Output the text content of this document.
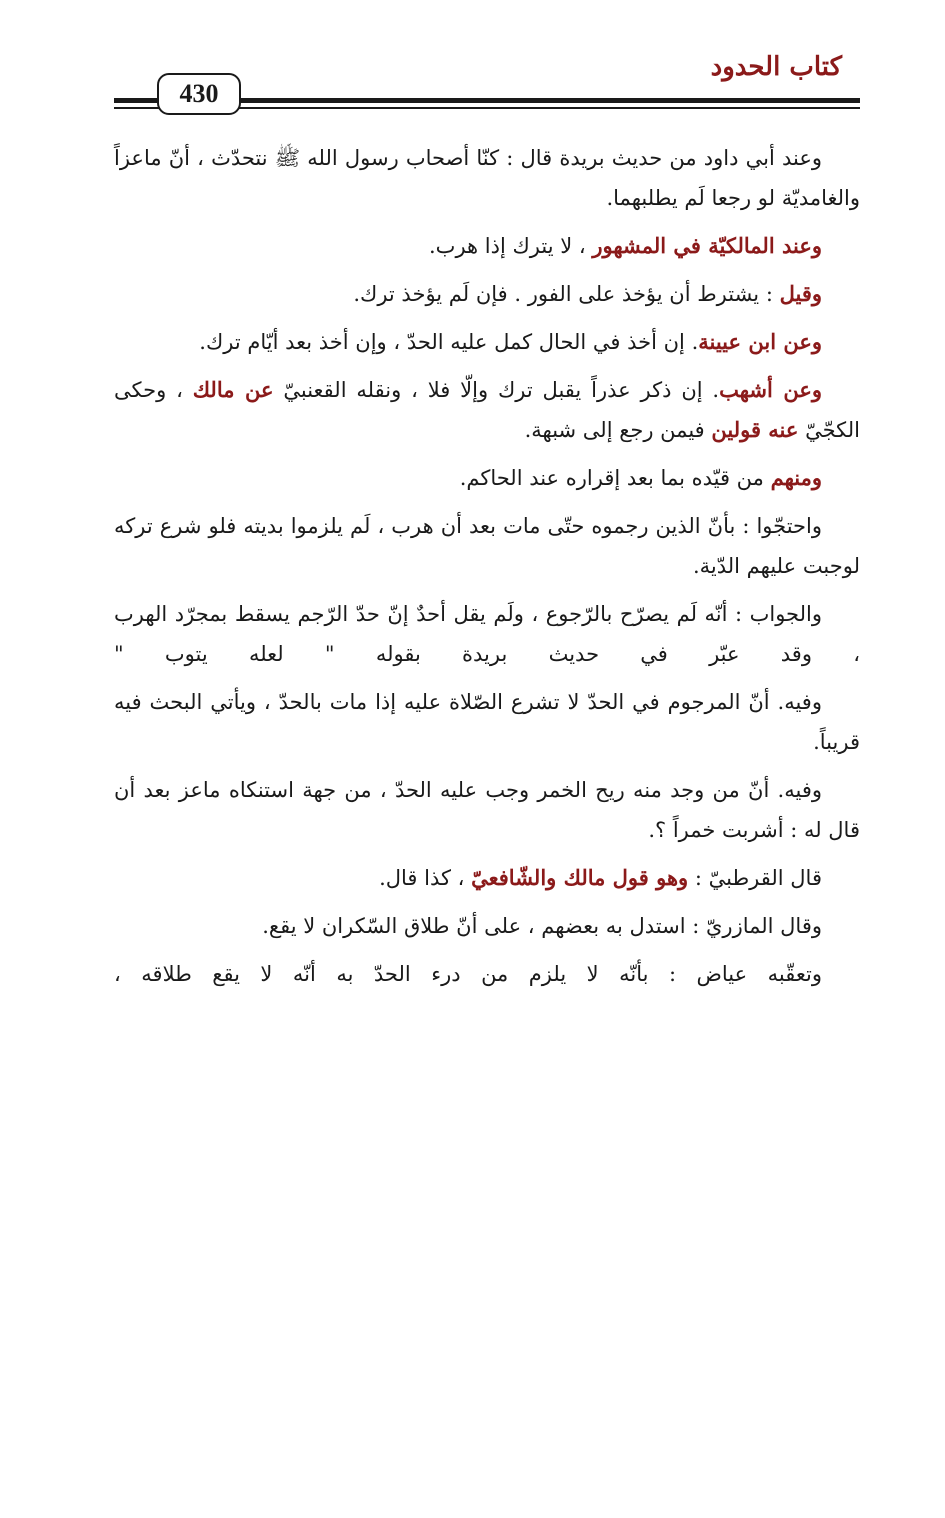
كتاب الحدود
430

وعند أبي داود من حديث بريدة قال : كنّا أصحاب رسول الله ﷺ نتحدّث ، أنّ ماعزاً والغامديّة لو رجعا لَم يطلبهما.

وعند المالكيّة في المشهور ، لا يترك إذا هرب.

وقيل : يشترط أن يؤخذ على الفور . فإن لَم يؤخذ ترك.

وعن ابن عيينة. إن أخذ في الحال كمل عليه الحدّ ، وإن أخذ بعد أيّام ترك.

وعن أشهب. إن ذكر عذراً يقبل ترك وإلّا فلا ، ونقله القعنبيّ عن مالك ، وحكى الكجّيّ عنه قولين فيمن رجع إلى شبهة.

ومنهم من قيّده بما بعد إقراره عند الحاكم.

واحتجّوا : بأنّ الذين رجموه حتّى مات بعد أن هرب ، لَم يلزموا بديته فلو شرع تركه لوجبت عليهم الدّية.

والجواب : أنّه لَم يصرّح بالرّجوع ، ولَم يقل أحدٌ إنّ حدّ الرّجم يسقط بمجرّد الهرب ، وقد عبّر في حديث بريدة بقوله " لعله يتوب "

وفيه. أنّ المرجوم في الحدّ لا تشرع الصّلاة عليه إذا مات بالحدّ ، ويأتي البحث فيه قريباً.

وفيه. أنّ من وجد منه ريح الخمر وجب عليه الحدّ ، من جهة استنكاه ماعز بعد أن قال له : أشربت خمراً ؟.

قال القرطبيّ : وهو قول مالك والشّافعيّ ، كذا قال.

وقال المازريّ : استدل به بعضهم ، على أنّ طلاق السّكران لا يقع.

وتعقّبه عياض : بأنّه لا يلزم من درء الحدّ به أنّه لا يقع طلاقه ،
